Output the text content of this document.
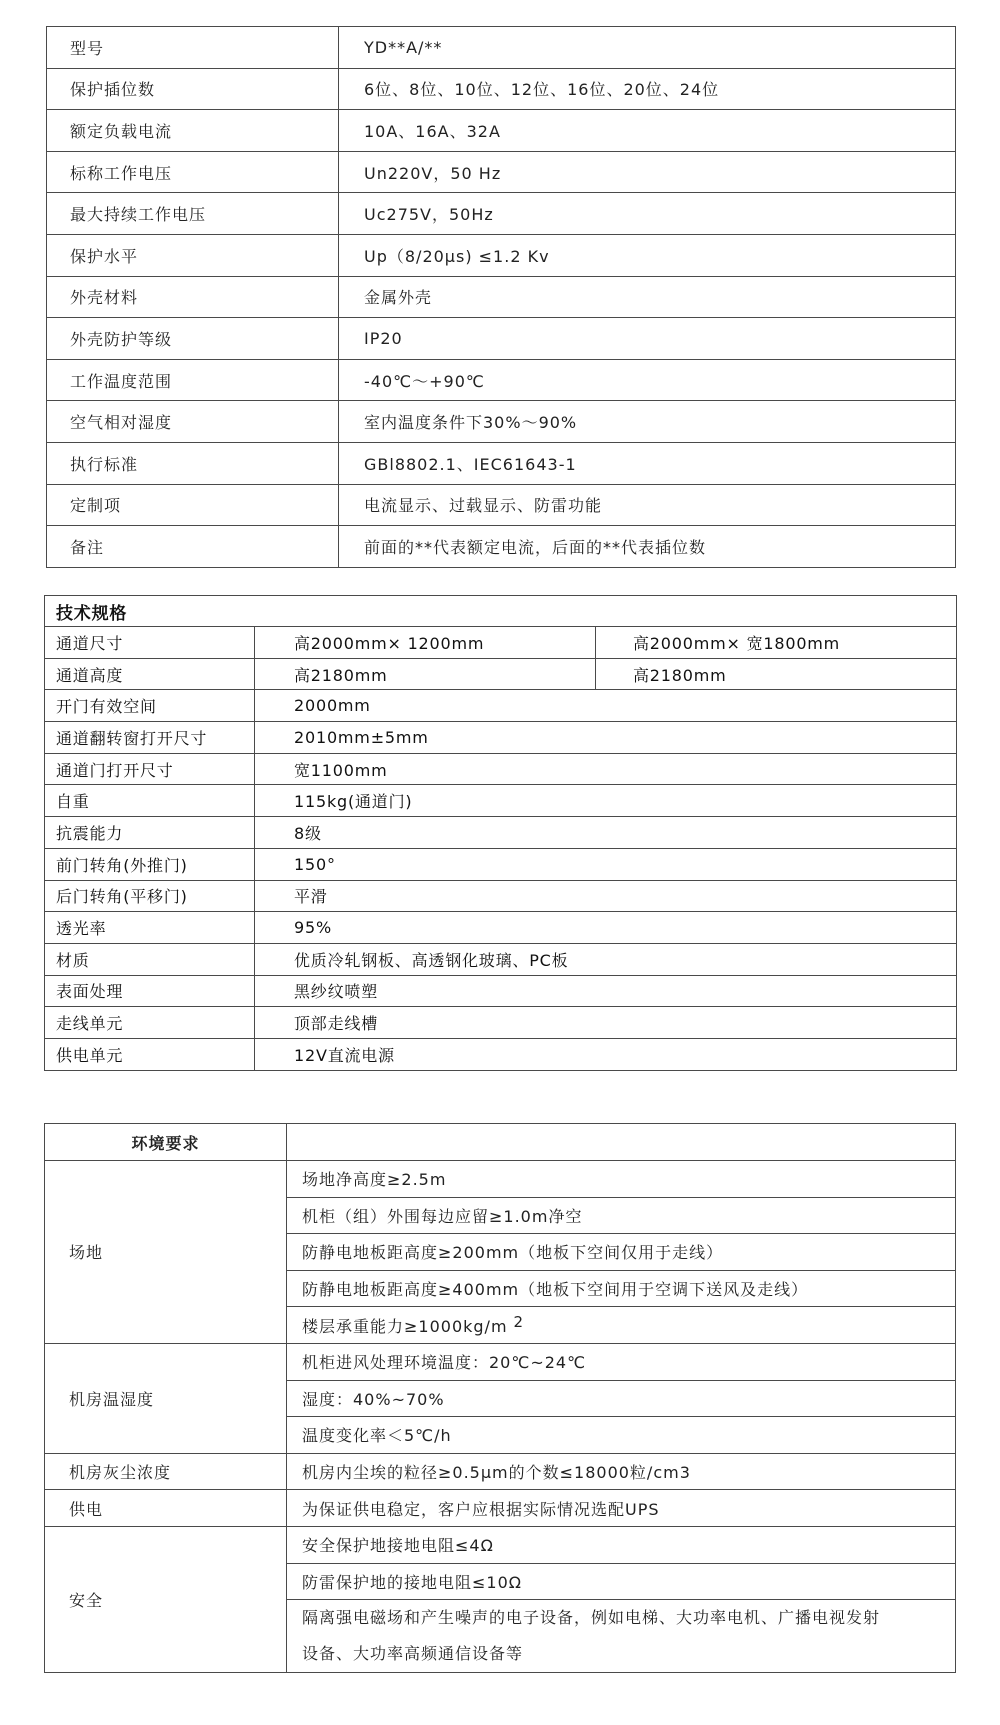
型号	YD**A/**
保护插位数	6位、8位、10位、12位、16位、20位、24位
额定负载电流	10A、16A、32A
标称工作电压	Un220V，50 Hz
最大持续工作电压	Uc275V，50Hz
保护水平	Up（8/20μs) ≤1.2 Kv
外壳材料	金属外壳
外壳防护等级	IP20
工作温度范围	-40℃～+90℃
空气相对湿度	室内温度条件下30%～90%
执行标准	GBl8802.1、IEC61643-1
定制项	电流显示、过载显示、防雷功能
备注	前面的**代表额定电流，后面的**代表插位数
技术规格		
通道尺寸	高2000mm× 1200mm	高2000mm× 宽1800mm
通道高度	高2180mm	高2180mm
开门有效空间	2000mm	
通道翻转窗打开尺寸	2010mm±5mm	
通道门打开尺寸	宽1100mm	
自重	115kg(通道门)	
抗震能力	8级	
前门转角(外推门)	150°	
后门转角(平移门)	平滑	
透光率	95%	
材质	优质冷轧钢板、高透钢化玻璃、PC板	
表面处理	黑纱纹喷塑	
走线单元	顶部走线槽	
供电单元	12V直流电源	
环境要求	
场地	场地净高度≥2.5m
	机柜（组）外围每边应留≥1.0m净空
	防静电地板距高度≥200mm（地板下空间仅用于走线）
	防静电地板距高度≥400mm（地板下空间用于空调下送风及走线）
	楼层承重能力≥1000kg/m $^2$
机房温湿度	机柜进风处理环境温度：20℃~24℃
	湿度：40%~70%
	温度变化率＜5℃/h
机房灰尘浓度	机房内尘埃的粒径≥0.5μm的个数≤18000粒/cm3
供电	为保证供电稳定，客户应根据实际情况选配UPS
安全	安全保护地接地电阻≤4Ω
	防雷保护地的接地电阻≤10Ω

	隔离强电磁场和产生噪声的电子设备，例如电梯、大功率电机、广播电视发射
设备、大功率高频通信设备等
